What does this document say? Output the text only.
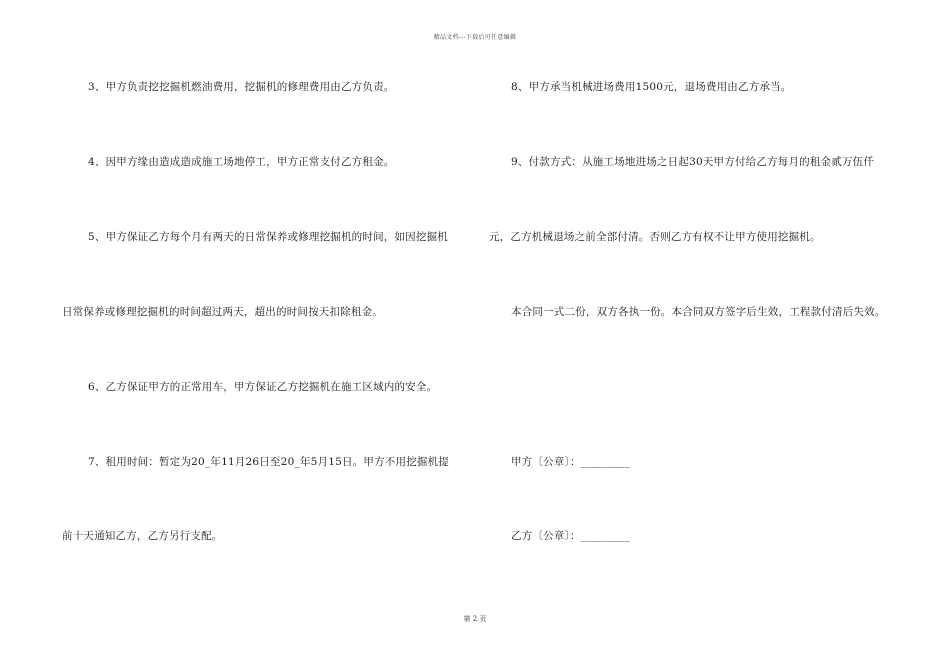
精品文档---下载后可任意编辑
3、甲方负责挖挖掘机燃油费用，挖掘机的修理费用由乙方负责。
4、因甲方缘由造成造成施工场地停工，甲方正常支付乙方租金。
5、甲方保证乙方每个月有两天的日常保养或修理挖掘机的时间，如因挖掘机
日常保养或修理挖掘机的时间超过两天，超出的时间按天扣除租金。
6、乙方保证甲方的正常用车，甲方保证乙方挖掘机在施工区域内的安全。
7、租用时间：暂定为20_年11月26日至20_年5月15日。甲方不用挖掘机提
前十天通知乙方，乙方另行支配。
8、甲方承当机械进场费用1500元，退场费用由乙方承当。
9、付款方式：从施工场地进场之日起30天甲方付给乙方每月的租金贰万伍仟
元，乙方机械退场之前全部付清。否则乙方有权不让甲方使用挖掘机。
本合同一式二份，双方各执一份。本合同双方签字后生效，工程款付清后失效。
甲方〔公章〕：_________
乙方〔公章〕：_________
第 2 页
